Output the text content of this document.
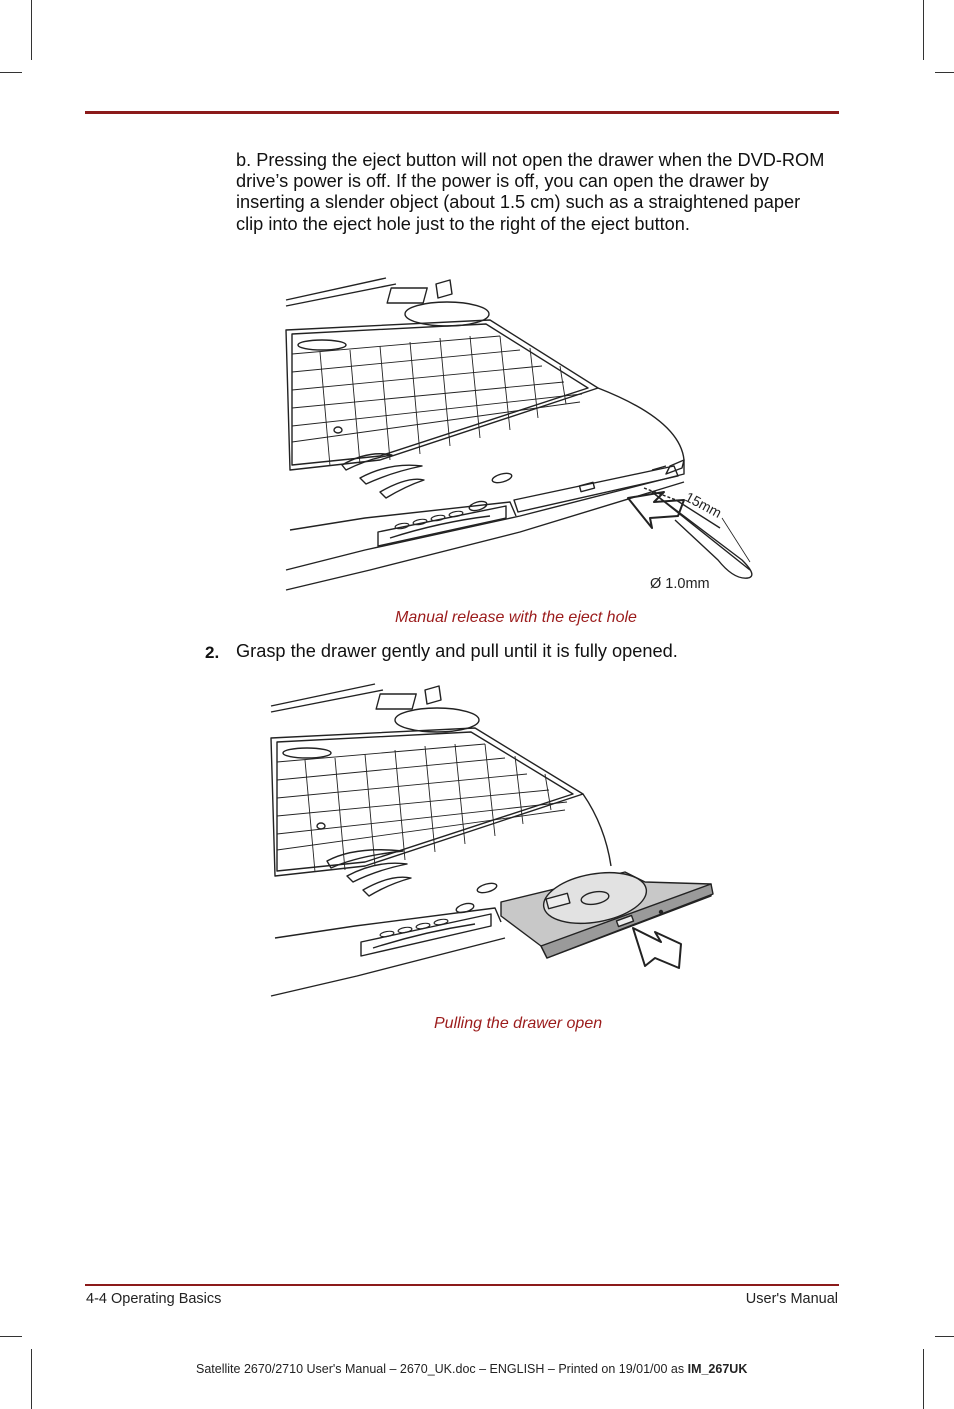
b. Pressing the eject button will not open the drawer when the DVD-ROM drive’s power is off. If the power is off, you can open the drawer by inserting a slender object (about 1.5 cm) such as a straightened paper clip into the eject hole just to the right of the eject button.

15mm
Ø 1.0mm
Manual release with the eject hole
2. Grasp the drawer gently and pull until it is fully opened.
Pulling the drawer open
4-4 Operating Basics	User's Manual
Satellite 2670/2710 User's Manual – 2670_UK.doc – ENGLISH – Printed on 19/01/00 as IM_267UK
